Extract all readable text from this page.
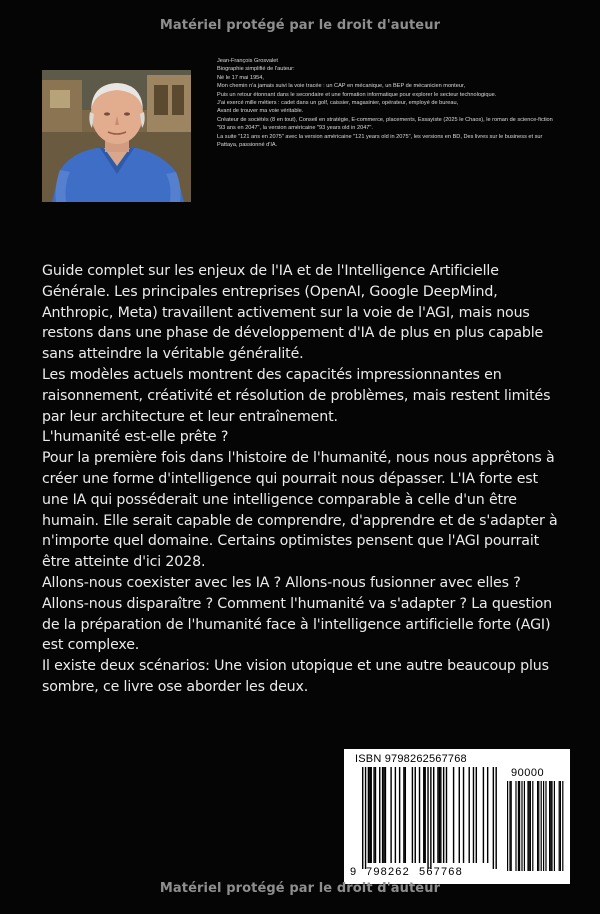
Matériel protégé par le droit d'auteur
Jean-François Grosvalet
Biographie simplifié de l'auteur:
Né le 17 mai 1954,
Mon chemin n'a jamais suivi la voie tracée : un CAP en mécanique, un BEP de mécanicien monteur,
Puis un retour étonnant dans le secondaire et une formation informatique pour explorer le secteur technologique.
J'ai exercé mille métiers : cadet dans un golf, caissier, magasinier, opérateur, employé de bureau,
Avant de trouver ma voie véritable.
Créateur de sociétés (8 en tout), Conseil en stratégie, E-commerce, placements, Essayiste (2025 le Chaos), le roman de science-fiction "93 ans en 2047", la version américaine "93 years old in 2047".
La suite "121 ans en 2075" avec la version américaine "121 years old in 2075", les versions en BD, Des livres sur le business et sur Pattaya, passionné d'IA.

Guide complet sur les enjeux de l'IA et de l'Intelligence Artificielle Générale. Les principales entreprises (OpenAI, Google DeepMind, Anthropic, Meta) travaillent activement sur la voie de l'AGI, mais nous restons dans une phase de développement d'IA de plus en plus capable sans atteindre la véritable généralité.

Les modèles actuels montrent des capacités impressionnantes en raisonnement, créativité et résolution de problèmes, mais restent limités par leur architecture et leur entraînement.

L'humanité est-elle prête ?

Pour la première fois dans l'histoire de l'humanité, nous nous apprêtons à créer une forme d'intelligence qui pourrait nous dépasser. L'IA forte est une IA qui posséderait une intelligence comparable à celle d'un être humain. Elle serait capable de comprendre, d'apprendre et de s'adapter à n'importe quel domaine. Certains optimistes pensent que l'AGI pourrait être atteinte d'ici 2028.

Allons-nous coexister avec les IA ? Allons-nous fusionner avec elles ? Allons-nous disparaître ? Comment l'humanité va s'adapter ? La question de la préparation de l'humanité face à l'intelligence artificielle forte (AGI) est complexe.

Il existe deux scénarios: Une vision utopique et une autre beaucoup plus sombre, ce livre ose aborder les deux.

ISBN 9798262567768
90000
9 798262 567768
Matériel protégé par le droit d'auteur
